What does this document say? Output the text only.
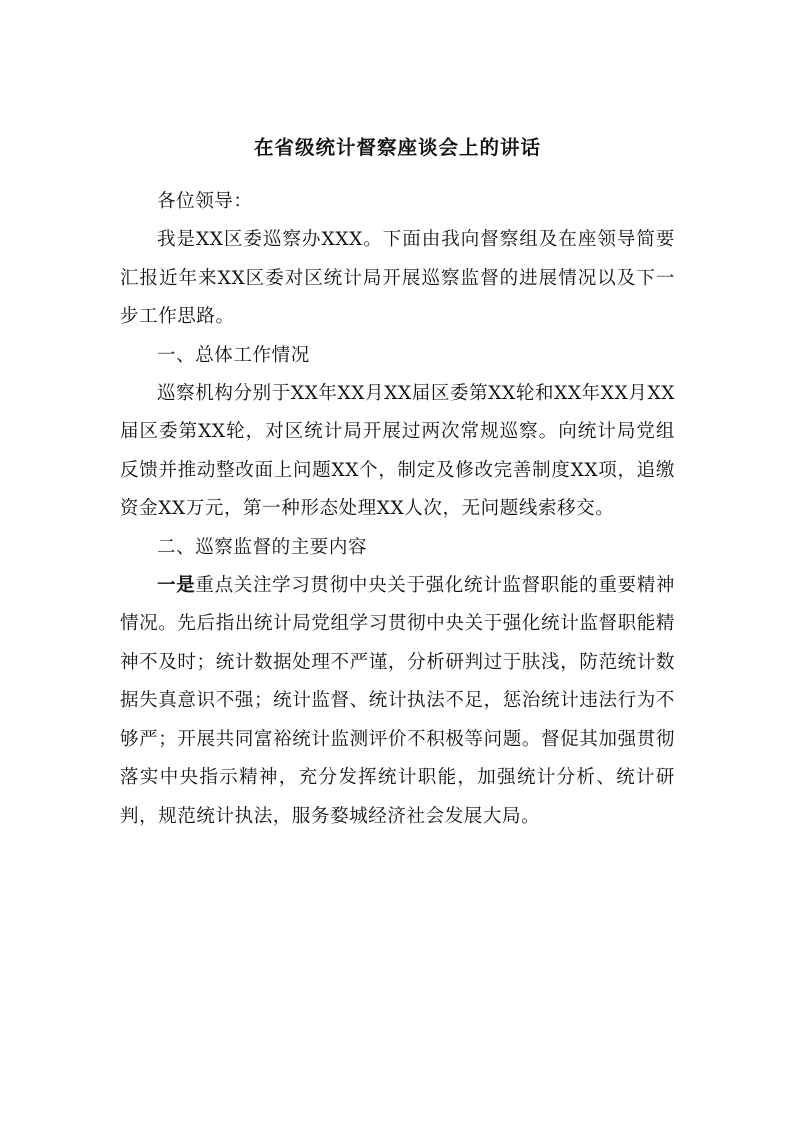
在省级统计督察座谈会上的讲话

各位领导：

我是XX区委巡察办XXX。下面由我向督察组及在座领导简要汇报近年来XX区委对区统计局开展巡察监督的进展情况以及下一步工作思路。

一、总体工作情况

巡察机构分别于XX年XX月XX届区委第XX轮和XX年XX月XX届区委第XX轮，对区统计局开展过两次常规巡察。向统计局党组反馈并推动整改面上问题XX个，制定及修改完善制度XX项，追缴资金XX万元，第一种形态处理XX人次，无问题线索移交。

二、巡察监督的主要内容

一是重点关注学习贯彻中央关于强化统计监督职能的重要精神情况。先后指出统计局党组学习贯彻中央关于强化统计监督职能精神不及时；统计数据处理不严谨，分析研判过于肤浅，防范统计数据失真意识不强；统计监督、统计执法不足，惩治统计违法行为不够严；开展共同富裕统计监测评价不积极等问题。督促其加强贯彻落实中央指示精神，充分发挥统计职能，加强统计分析、统计研判，规范统计执法，服务婺城经济社会发展大局。
